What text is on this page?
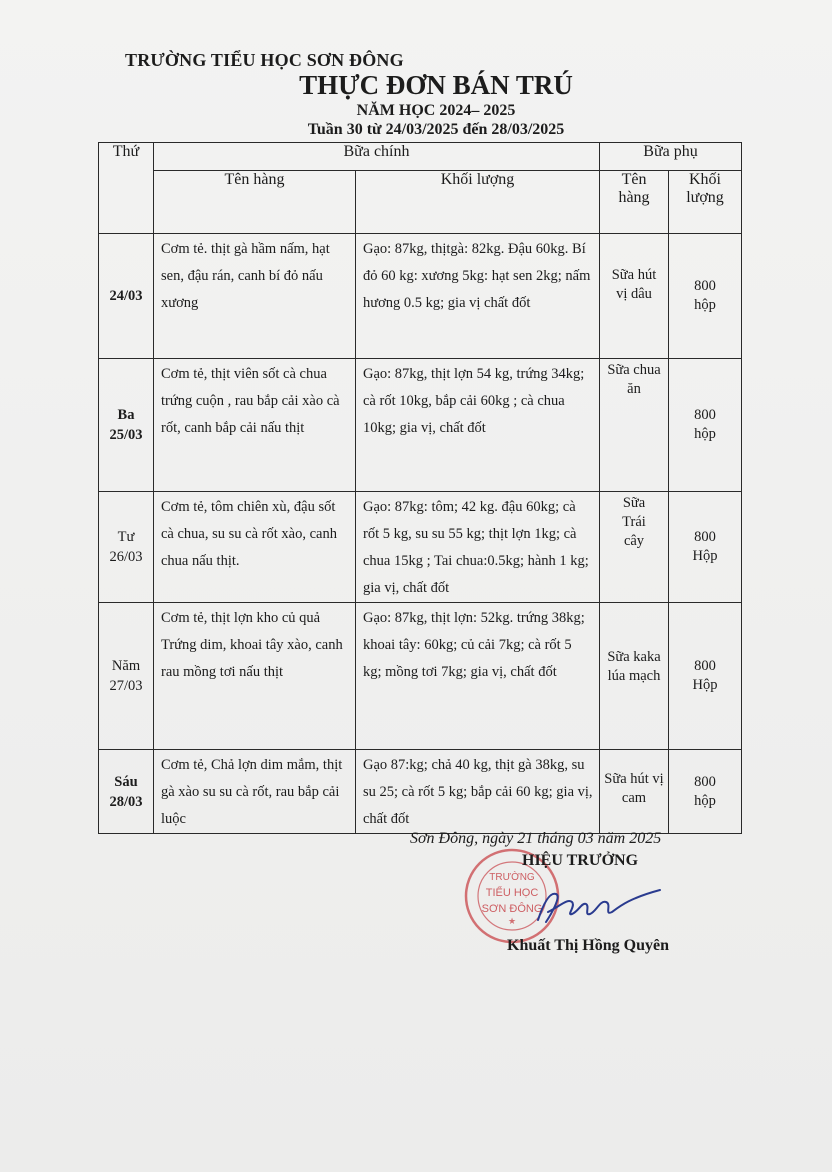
TRƯỜNG TIỂU HỌC SƠN ĐÔNG
THỰC ĐƠN BÁN TRÚ
NĂM HỌC 2024– 2025
Tuần 30 từ 24/03/2025 đến 28/03/2025
Thứ	Bữa chính		Bữa phụ	
	Tên hàng	Khối lượng	Tên hàng	Khối lượng
24/03	Cơm tẻ. thịt gà hầm nấm, hạt sen, đậu rán, canh bí đỏ nấu xương	Gạo: 87kg, thịtgà: 82kg. Đậu 60kg. Bí đỏ 60 kg: xương 5kg: hạt sen 2kg; nấm hương 0.5 kg; gia vị chất đốt	Sữa hút vị dâu	800 hộp
Ba 25/03	Cơm tẻ, thịt viên sốt cà chua trứng cuộn , rau bắp cải xào cà rốt, canh bắp cải nấu thịt	Gạo: 87kg, thịt lợn 54 kg, trứng 34kg; cà rốt 10kg, bắp cải 60kg ; cà chua 10kg; gia vị, chất đốt	Sữa chua ăn	800 hộp
Tư 26/03	Cơm tẻ, tôm chiên xù, đậu sốt cà chua, su su cà rốt xào, canh chua nấu thịt.	Gạo: 87kg: tôm; 42 kg. đậu 60kg; cà rốt 5 kg, su su 55 kg; thịt lợn 1kg; cà chua 15kg ; Tai chua:0.5kg; hành 1 kg; gia vị, chất đốt	Sữa Trái cây	800 Hộp
Năm 27/03	Cơm tẻ, thịt lợn kho củ quả Trứng dim, khoai tây xào, canh rau mồng tơi nấu thịt	Gạo: 87kg, thịt lợn: 52kg. trứng 38kg; khoai tây: 60kg; củ cải 7kg; cà rốt 5 kg; mồng tơi 7kg; gia vị, chất đốt	Sữa kaka lúa mạch	800 Hộp
Sáu 28/03	Cơm tẻ, Chả lợn dim mắm, thịt gà xào su su cà rốt, rau bắp cải luộc	Gạo 87:kg; chả 40 kg, thịt gà 38kg, su su 25; cà rốt 5 kg; bắp cải 60 kg; gia vị, chất đốt	Sữa hút vị cam	800 hộp
TRƯỜNG
TIỂU HỌC
SƠN ĐÔNG
★
Sơn Đông, ngày 21 tháng 03 năm 2025
HIỆU TRƯỞNG
Khuất Thị Hồng Quyên
